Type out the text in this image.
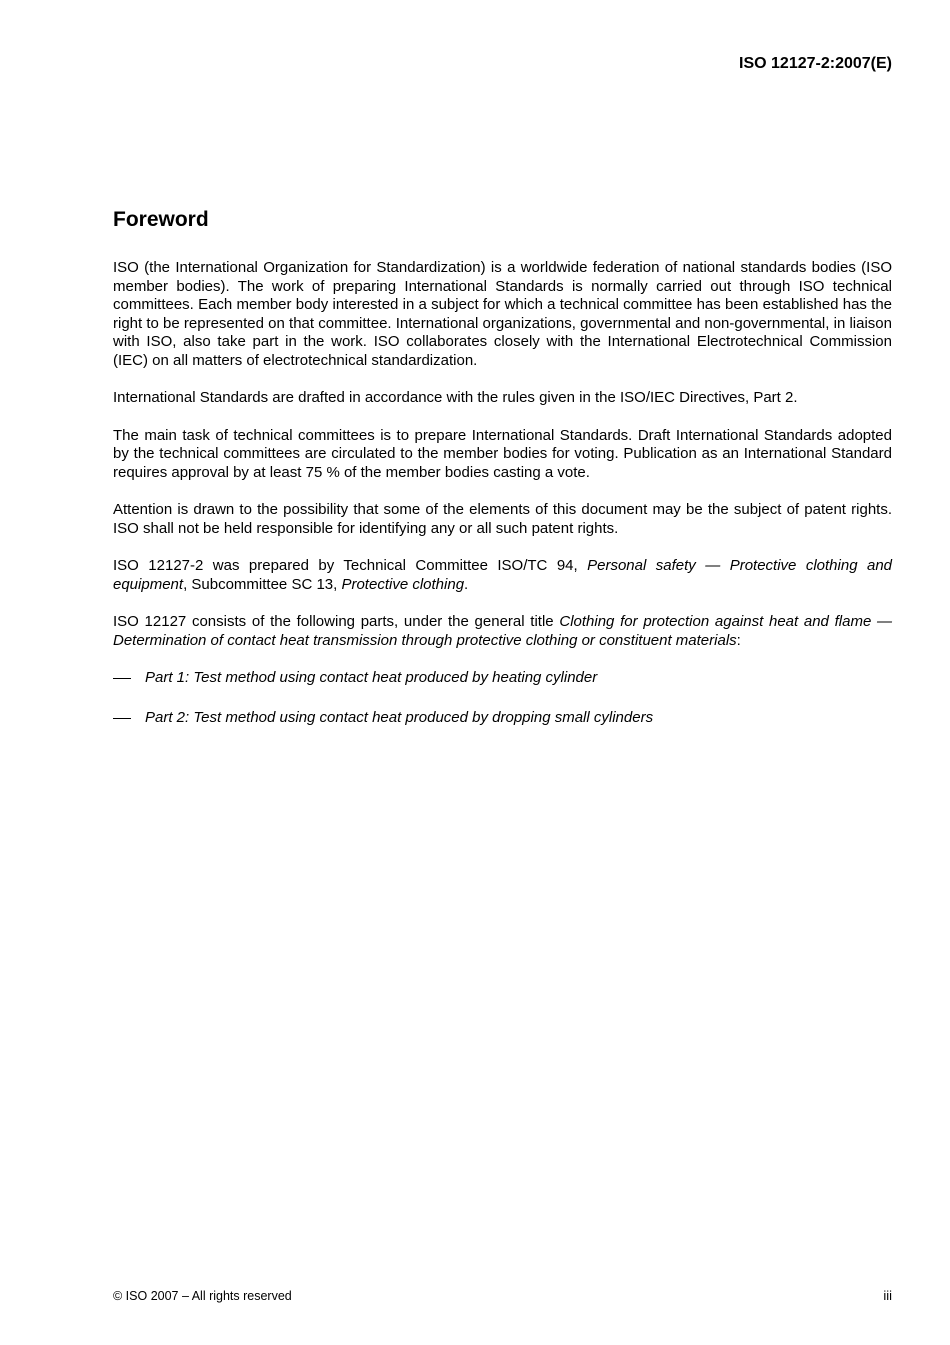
ISO 12127-2:2007(E)
Foreword

ISO (the International Organization for Standardization) is a worldwide federation of national standards bodies (ISO member bodies). The work of preparing International Standards is normally carried out through ISO technical committees. Each member body interested in a subject for which a technical committee has been established has the right to be represented on that committee. International organizations, governmental and non-governmental, in liaison with ISO, also take part in the work. ISO collaborates closely with the International Electrotechnical Commission (IEC) on all matters of electrotechnical standardization.

International Standards are drafted in accordance with the rules given in the ISO/IEC Directives, Part 2.

The main task of technical committees is to prepare International Standards. Draft International Standards adopted by the technical committees are circulated to the member bodies for voting. Publication as an International Standard requires approval by at least 75 % of the member bodies casting a vote.

Attention is drawn to the possibility that some of the elements of this document may be the subject of patent rights. ISO shall not be held responsible for identifying any or all such patent rights.

ISO 12127-2 was prepared by Technical Committee ISO/TC 94, Personal safety — Protective clothing and equipment, Subcommittee SC 13, Protective clothing.

ISO 12127 consists of the following parts, under the general title Clothing for protection against heat and flame — Determination of contact heat transmission through protective clothing or constituent materials:

Part 1: Test method using contact heat produced by heating cylinder
Part 2: Test method using contact heat produced by dropping small cylinders
© ISO 2007 – All rights reserved	iii
